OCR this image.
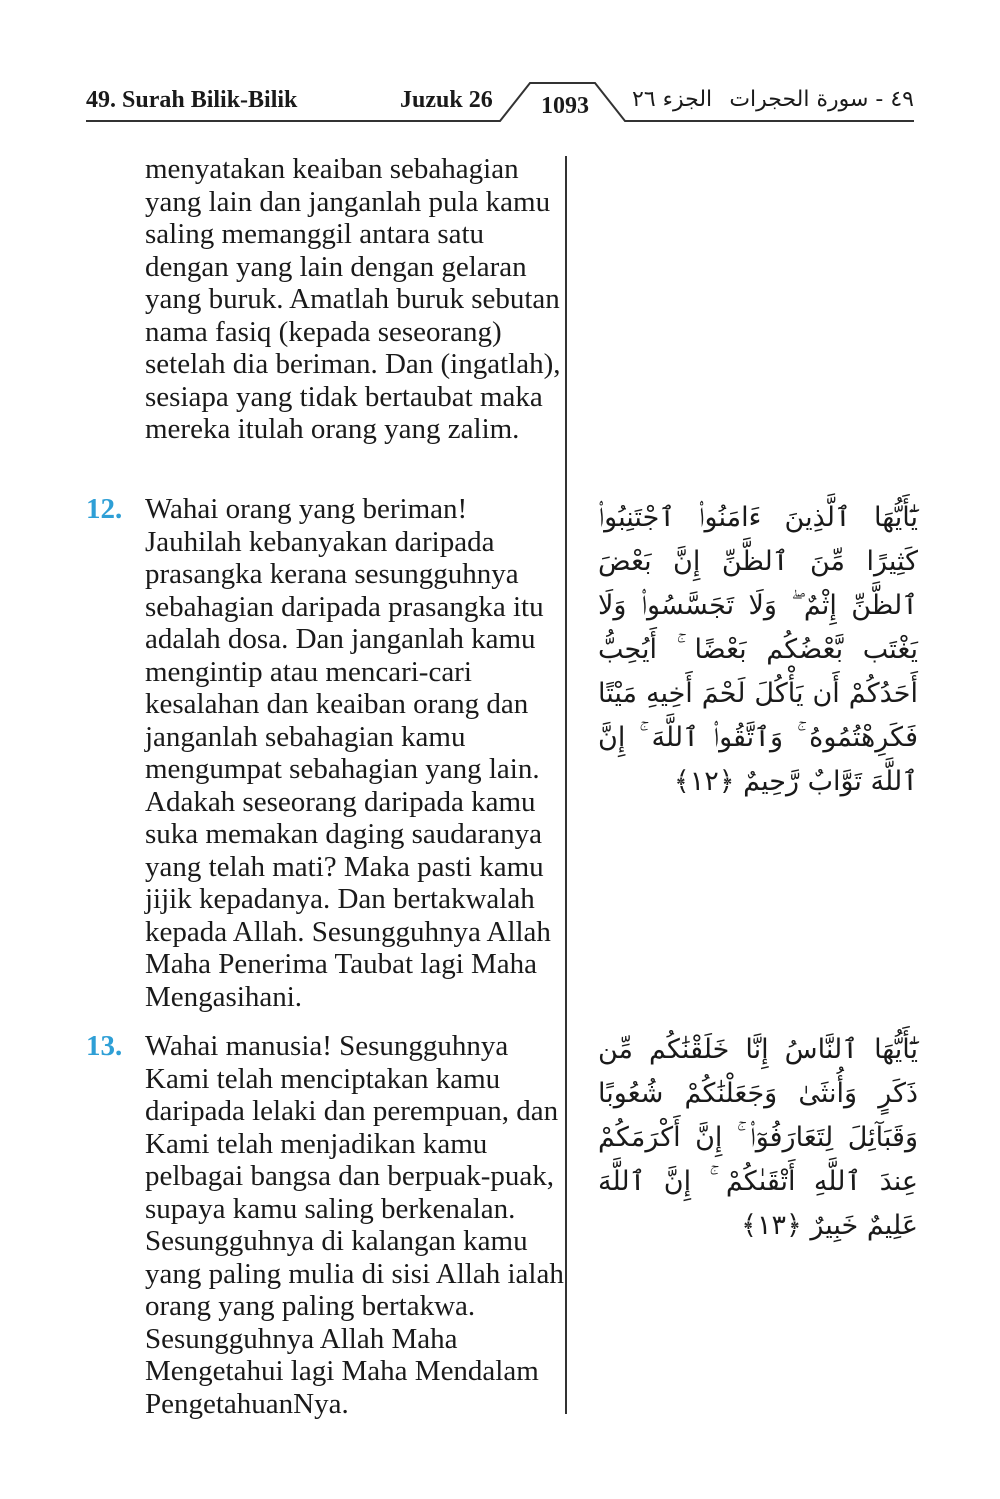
49. Surah Bilik-Bilik	Juzuk 26	1093	الجزء ٢٦ ٤٩ - سورة الحجرات

menyatakan keaiban sebahagian yang lain dan janganlah pula kamu saling memanggil antara satu dengan yang lain dengan gelaran yang buruk. Amatlah buruk sebutan nama fasiq (kepada seseorang) setelah dia beriman. Dan (ingatlah), sesiapa yang tidak bertaubat maka mereka itulah orang yang zalim.

12. Wahai orang yang beriman! Jauhilah kebanyakan daripada prasangka kerana sesungguhnya sebahagian daripada prasangka itu adalah dosa. Dan janganlah kamu mengintip atau mencari-cari kesalahan dan keaiban orang dan janganlah sebahagian kamu mengumpat sebahagian yang lain. Adakah seseorang daripada kamu suka memakan daging saudaranya yang telah mati? Maka pasti kamu jijik kepadanya. Dan bertakwalah kepada Allah. Sesungguhnya Allah Maha Penerima Taubat lagi Maha Mengasihani.

يَٰٓأَيُّهَا ٱلَّذِينَ ءَامَنُوا۟ ٱجْتَنِبُوا۟ كَثِيرًا مِّنَ ٱلظَّنِّ إِنَّ بَعْضَ ٱلظَّنِّ إِثْمٌ ۖ وَلَا تَجَسَّسُوا۟ وَلَا يَغْتَب بَّعْضُكُم بَعْضًا ۚ أَيُحِبُّ أَحَدُكُمْ أَن يَأْكُلَ لَحْمَ أَخِيهِ مَيْتًا فَكَرِهْتُمُوهُ ۚ وَٱتَّقُوا۟ ٱللَّهَ ۚ إِنَّ ٱللَّهَ تَوَّابٌ رَّحِيمٌ ﴿١٢﴾

13. Wahai manusia! Sesungguhnya Kami telah menciptakan kamu daripada lelaki dan perempuan, dan Kami telah menjadikan kamu pelbagai bangsa dan berpuak-puak, supaya kamu saling berkenalan. Sesungguhnya di kalangan kamu yang paling mulia di sisi Allah ialah orang yang paling bertakwa. Sesungguhnya Allah Maha Mengetahui lagi Maha Mendalam PengetahuanNya.

يَٰٓأَيُّهَا ٱلنَّاسُ إِنَّا خَلَقْنَٰكُم مِّن ذَكَرٍ وَأُنثَىٰ وَجَعَلْنَٰكُمْ شُعُوبًا وَقَبَآئِلَ لِتَعَارَفُوٓا۟ ۚ إِنَّ أَكْرَمَكُمْ عِندَ ٱللَّهِ أَتْقَىٰكُمْ ۚ إِنَّ ٱللَّهَ عَلِيمٌ خَبِيرٌ ﴿١٣﴾
